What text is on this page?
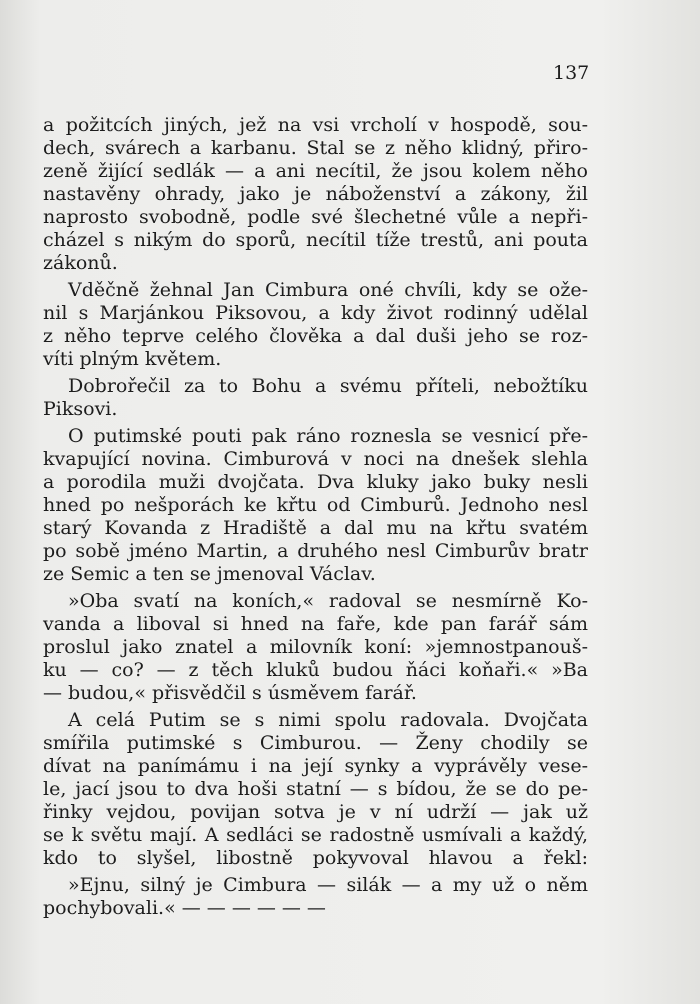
137
a požitcích jiných, jež na vsi vrcholí v hospodě, sou-
dech, svárech a karbanu. Stal se z něho klidný, přiro-
zeně žijící sedlák — a ani necítil, že jsou kolem něho
nastavěny ohrady, jako je náboženství a zákony, žil
naprosto svobodně, podle své šlechetné vůle a nepři-
cházel s nikým do sporů, necítil tíže trestů, ani pouta
zákonů.
Vděčně žehnal Jan Cimbura oné chvíli, kdy se ože-
nil s Marjánkou Piksovou, a kdy život rodinný udělal
z něho teprve celého člověka a dal duši jeho se roz-
víti plným květem.
Dobrořečil za to Bohu a svému příteli, nebožtíku
Piksovi.
O putimské pouti pak ráno roznesla se vesnicí pře-
kvapující novina. Cimburová v noci na dnešek slehla
a porodila muži dvojčata. Dva kluky jako buky nesli
hned po nešporách ke křtu od Cimburů. Jednoho nesl
starý Kovanda z Hradiště a dal mu na křtu svatém
po sobě jméno Martin, a druhého nesl Cimburův bratr
ze Semic a ten se jmenoval Václav.
»Oba svatí na koních,« radoval se nesmírně Ko-
vanda a liboval si hned na faře, kde pan farář sám
proslul jako znatel a milovník koní: »jemnostpanouš-
ku — co? — z těch kluků budou ňáci koňaři.« »Ba
— budou,« přisvědčil s úsměvem farář.
A celá Putim se s nimi spolu radovala. Dvojčata
smířila putimské s Cimburou. — Ženy chodily se
dívat na panímámu i na její synky a vyprávěly vese-
le, jací jsou to dva hoši statní — s bídou, že se do pe-
řinky vejdou, povijan sotva je v ní udrží — jak už
se k světu mají. A sedláci se radostně usmívali a každý,
kdo to slyšel, libostně pokyvoval hlavou a řekl:
»Ejnu, silný je Cimbura — silák — a my už o něm
pochybovali.« — — — — — —
